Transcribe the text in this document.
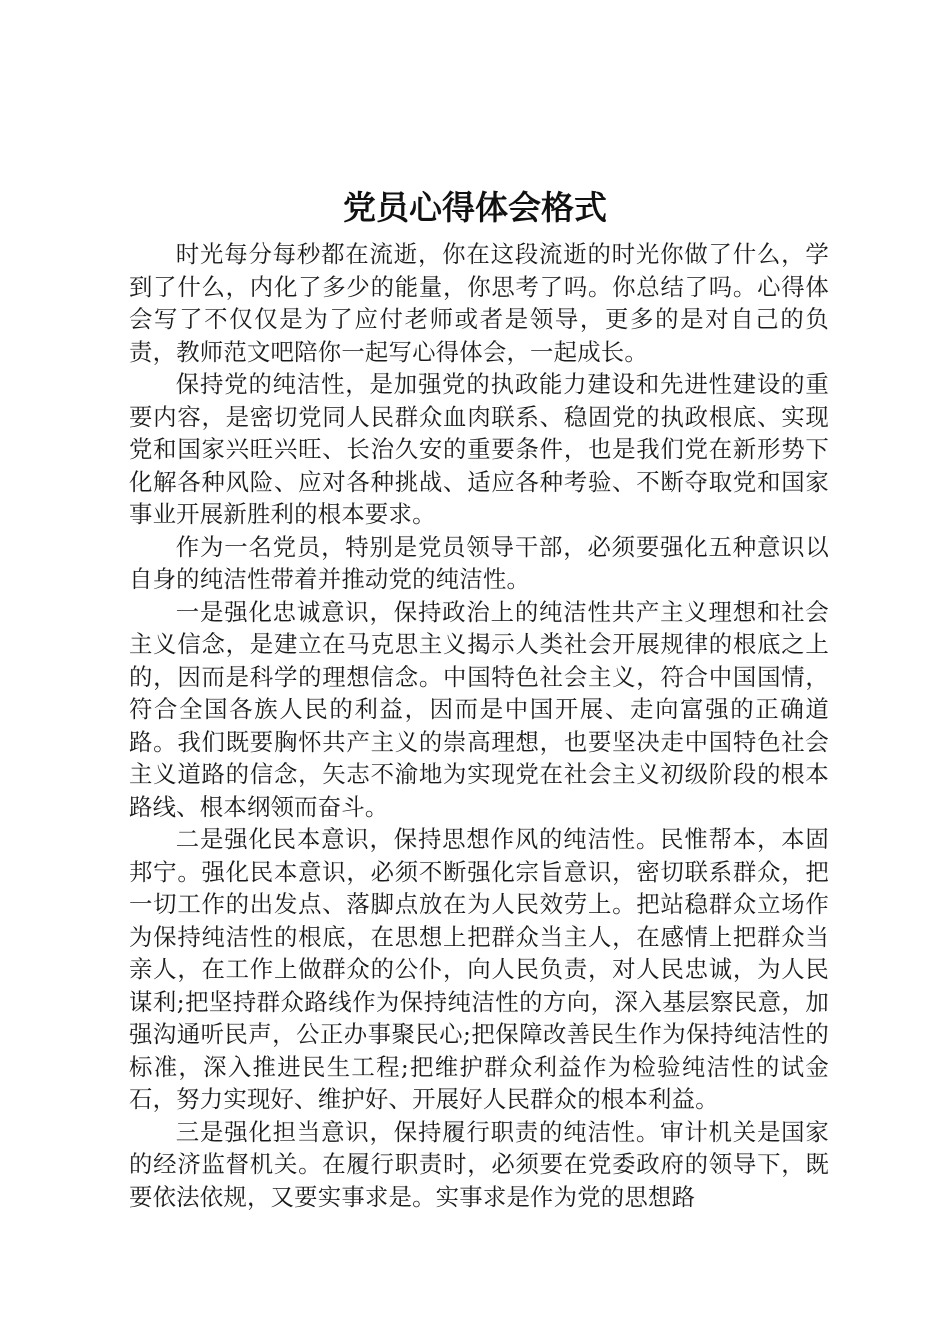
党员心得体会格式

时光每分每秒都在流逝，你在这段流逝的时光你做了什么，学到了什么，内化了多少的能量，你思考了吗。你总结了吗。心得体会写了不仅仅是为了应付老师或者是领导，更多的是对自己的负责，教师范文吧陪你一起写心得体会，一起成长。

保持党的纯洁性，是加强党的执政能力建设和先进性建设的重要内容，是密切党同人民群众血肉联系、稳固党的执政根底、实现党和国家兴旺兴旺、长治久安的重要条件，也是我们党在新形势下化解各种风险、应对各种挑战、适应各种考验、不断夺取党和国家事业开展新胜利的根本要求。

作为一名党员，特别是党员领导干部，必须要强化五种意识以自身的纯洁性带着并推动党的纯洁性。

一是强化忠诚意识，保持政治上的纯洁性共产主义理想和社会主义信念，是建立在马克思主义揭示人类社会开展规律的根底之上的，因而是科学的理想信念。中国特色社会主义，符合中国国情，符合全国各族人民的利益，因而是中国开展、走向富强的正确道路。我们既要胸怀共产主义的崇高理想，也要坚决走中国特色社会主义道路的信念，矢志不渝地为实现党在社会主义初级阶段的根本路线、根本纲领而奋斗。

二是强化民本意识，保持思想作风的纯洁性。民惟帮本，本固邦宁。强化民本意识，必须不断强化宗旨意识，密切联系群众，把一切工作的出发点、落脚点放在为人民效劳上。把站稳群众立场作为保持纯洁性的根底，在思想上把群众当主人，在感情上把群众当亲人，在工作上做群众的公仆，向人民负责，对人民忠诚，为人民谋利;把坚持群众路线作为保持纯洁性的方向，深入基层察民意，加强沟通听民声，公正办事聚民心;把保障改善民生作为保持纯洁性的标准，深入推进民生工程;把维护群众利益作为检验纯洁性的试金石，努力实现好、维护好、开展好人民群众的根本利益。

三是强化担当意识，保持履行职责的纯洁性。审计机关是国家的经济监督机关。在履行职责时，必须要在党委政府的领导下，既要依法依规，又要实事求是。实事求是作为党的思想路
